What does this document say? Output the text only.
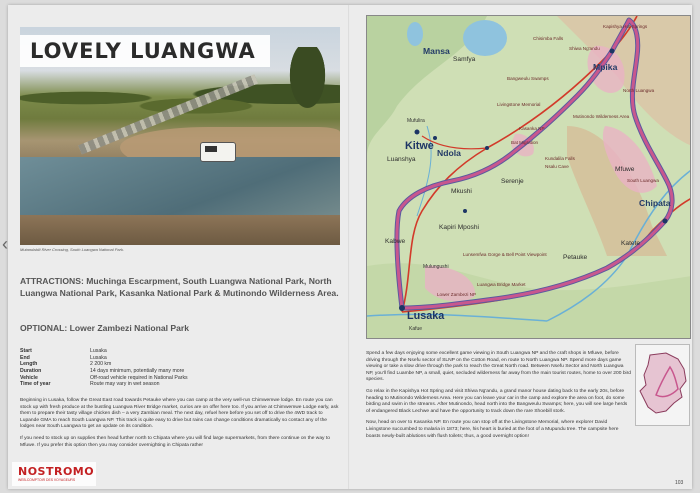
LOVELY LUANGWA
Mutandabili River Crossing, South Luangwa National Park.
ATTRACTIONS: Muchinga Escarpment, South Luangwa National Park, North Luangwa National Park, Kasanka National Park & Mutinondo Wilderness Area.
OPTIONAL: Lower Zambezi National Park
Start	Lusaka
End	Lusaka
Length	2 200 km
Duration	14 days minimum, potentially many more
Vehicle	Off-road vehicle required in National Parks
Time of year	Route may vary in wet season

Beginning in Lusaka, follow the Great East road towards Petauke where you can camp at the very well-run Chimwemwe lodge. En route you can stock up with fresh produce at the bustling Luangwa River Bridge market, curios are on offer here too. If you arrive at Chimwemwe Lodge early, ask them to prepare their tasty village chicken dish – a very Zambian meal. The next day, refuel here before you set off to drive the 4WD track to Lupande GMA to reach South Luangwa NP. This track is quite easy to drive but rains can change conditions dramatically so contact any of the lodges near South Luangwa to get an update on its condition.

If you need to stock up on supplies then head further north to Chipata where you will find large supermarkets, from there continue on the way to Mfuwe. If you prefer this option then you may consider overnighting in Chipata rather

NOSTROMO
WEB-COMPTOIR DES VOYAGEURS
‹
Mansa
Samfya
Mufulira
Kitwe
Ndola
Luanshya
Mkushi
Serenje
Kapiri Mposhi
Kabwe
Mulungushi
Lusaka
Kafue
Mpika
Chipata
Petauke
Katete
Mfuwe
Kapishya Hot Springs
Shiwa Ng'andu
Mutinondo Wilderness Area
North Luangwa
South Luangwa
Kasanka NP
Lower Zambezi NP
Luangwa Bridge Market
Livingstone Memorial
Bat Migration
Lunsemfwa Gorge & Bell Point Viewpoint
Bangweulu Swamps
Nsalu Cave
Kundalila Falls
Chisimba Falls

Spend a few days enjoying some excellent game viewing in South Luangwa NP and the craft shops in Mfuwe, before driving through the Nsefu sector of SLNP on the Cotton Road, en route to North Luangwa NP. Spend more days game viewing or take a slow drive through the park to reach the Great North road. Between Nsefu Sector and North Luangwa NP, you'll find Luambe NP, a small, quiet, secluded wilderness far away from the main tourist routes, home to over 200 bird species.

Go relax in the Kapishya Hot Spring and visit Shiwa Ng'andu, a grand manor house dating back to the early 20s, before heading to Mutinondo Wilderness Area. Here you can leave your car in the camp and explore the area on foot, do some birding and swim in the streams. After Mutinondo, head north into the Bangweulu Swamps; here, you will see large herds of endangered Black Lechwe and have the opportunity to track down the rare Shoebill stork.

Now, head on over to Kasanka NP. En route you can stop off at the Livingstone Memorial, where explorer David Livingstone succumbed to malaria in 1873; here, his heart is buried at the foot of a Mupundu tree. The campsite here boasts newly-built ablutions with flush toilets; thus, a good overnight option!

103
